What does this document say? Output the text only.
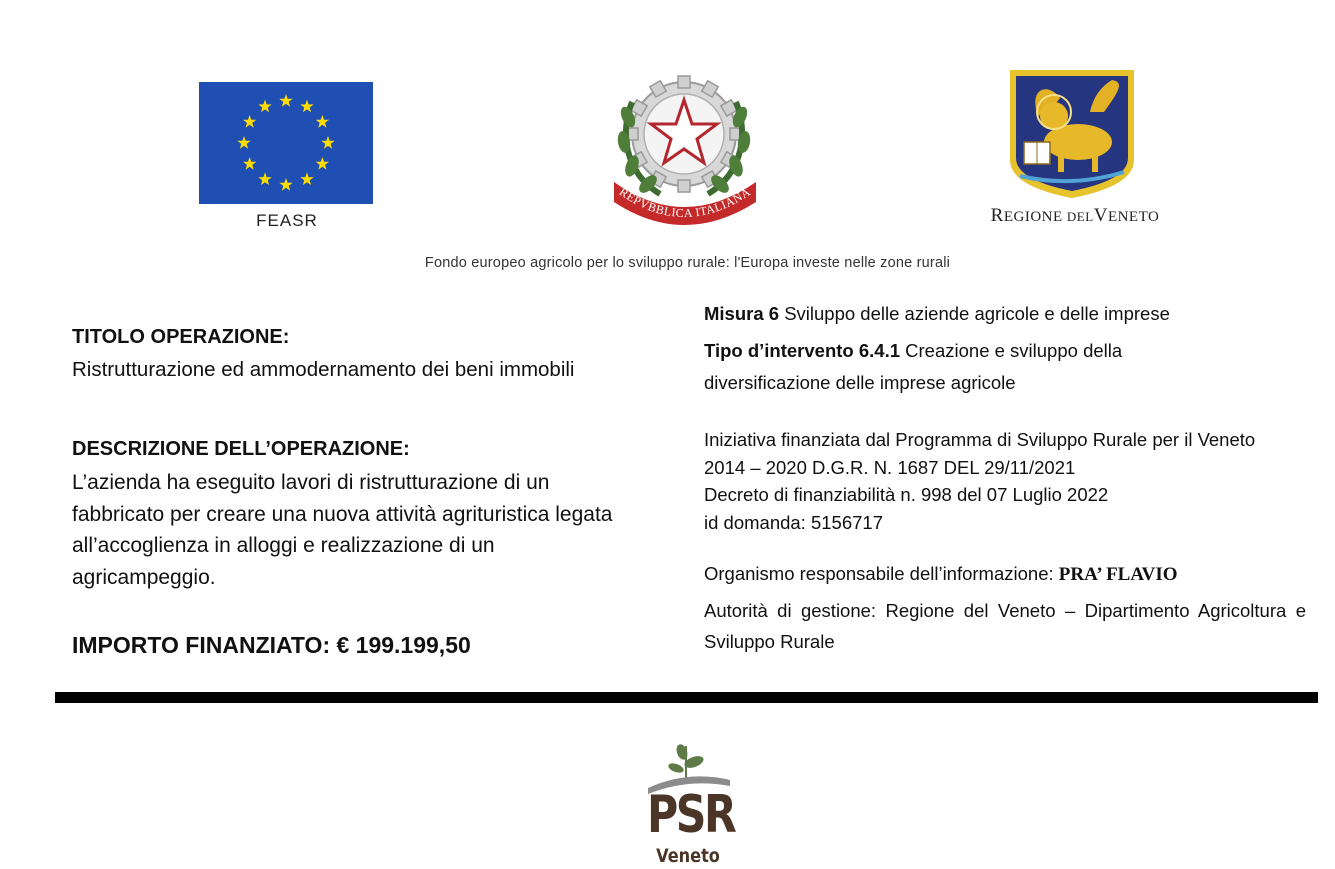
FEASR
REPVBBLICA ITALIANA
REGIONE DELVENETO
Fondo europeo agricolo per lo sviluppo rurale: l'Europa investe nelle zone rurali
TITOLO OPERAZIONE:
Ristrutturazione ed ammodernamento dei beni immobili
DESCRIZIONE DELL’OPERAZIONE:
L’azienda ha eseguito lavori di ristrutturazione di un fabbricato per creare una nuova attività agrituristica legata all’accoglienza in alloggi e realizzazione di un agricampeggio.
IMPORTO FINANZIATO: € 199.199,50
Misura 6 Sviluppo delle aziende agricole e delle imprese
Tipo d’intervento 6.4.1 Creazione e sviluppo della diversificazione delle imprese agricole
Iniziativa finanziata dal Programma di Sviluppo Rurale per il Veneto
2014 – 2020 D.G.R. N. 1687 DEL 29/11/2021
Decreto di finanziabilità n. 998 del 07 Luglio 2022
id domanda: 5156717
Organismo responsabile dell’informazione: PRA’ FLAVIO
Autorità di gestione: Regione del Veneto – Dipartimento Agricoltura e Sviluppo Rurale
PSR
Veneto
